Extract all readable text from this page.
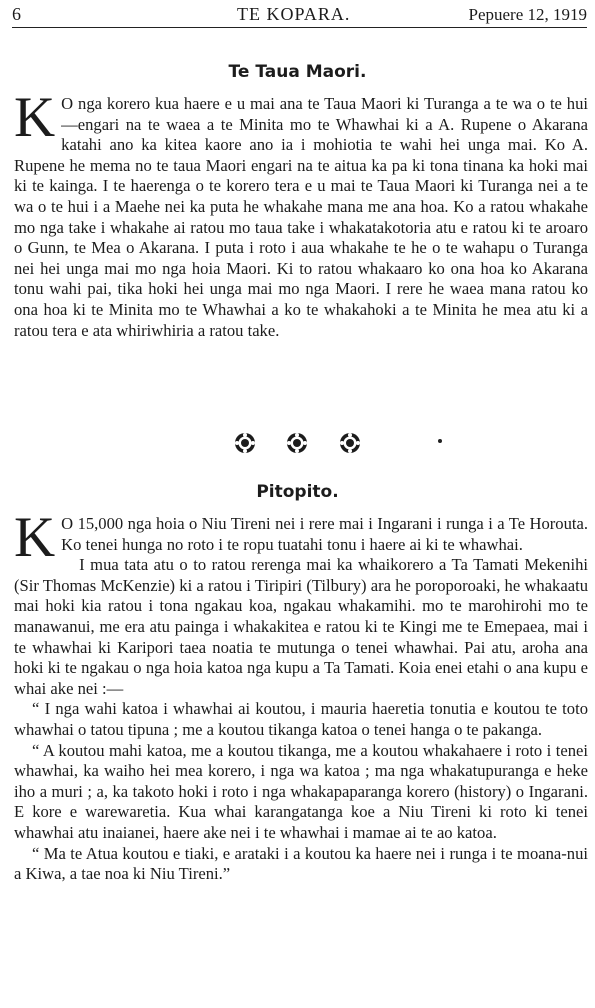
6	TE KOPARA.	Pepuere 12, 1919
Te Taua Maori.

K O nga korero kua haere e u mai ana te Taua Maori ki Turanga a te wa o te hui—engari na te waea a te Minita mo te Whawhai ki a A. Rupene o Akarana katahi ano ka kitea kaore ano ia i mohiotia te wahi hei unga mai. Ko A. Rupene he mema no te taua Maori engari na te aitua ka pa ki tona tinana ka hoki mai ki te kainga. I te haerenga o te korero tera e u mai te Taua Maori ki Turanga nei a te wa o te hui i a Maehe nei ka puta he whakahe mana me ana hoa. Ko a ratou whakahe mo nga take i whakahe ai ratou mo taua take i whakatakotoria atu e ratou ki te aroaro o Gunn, te Mea o Akarana. I puta i roto i aua whakahe te he o te wahapu o Turanga nei hei unga mai mo nga hoia Maori. Ki to ratou whakaaro ko ona hoa ko Akarana tonu wahi pai, tika hoki hei unga mai mo nga Maori. I rere he waea mana ratou ko ona hoa ki te Minita mo te Whawhai a ko te whakahoki a te Minita he mea atu ki a ratou tera e ata whiriwhiria a ratou take.

Pitopito.

K O 15,000 nga hoia o Niu Tireni nei i rere mai i Ingarani i runga i a Te Horouta. Ko tenei hunga no roto i te ropu tuatahi tonu i haere ai ki te whawhai.

I mua tata atu o to ratou rerenga mai ka whaikorero a Ta Tamati Mekenihi (Sir Thomas McKenzie) ki a ratou i Tiripiri (Tilbury) ara he poroporoaki, he whakaatu mai hoki kia ratou i tona ngakau koa, ngakau whakamihi. mo te marohirohi mo te manawanui, me era atu painga i whakakitea e ratou ki te Kingi me te Emepaea, mai i te whawhai ki Karipori taea noatia te mutunga o tenei whawhai. Pai atu, aroha ana hoki ki te ngakau o nga hoia katoa nga kupu a Ta Tamati. Koia enei etahi o ana kupu e whai ake nei :—

“ I nga wahi katoa i whawhai ai koutou, i mauria haeretia tonutia e koutou te toto whawhai o tatou tipuna ; me a koutou tikanga katoa o tenei hanga o te pakanga.

“ A koutou mahi katoa, me a koutou tikanga, me a koutou whakahaere i roto i tenei whawhai, ka waiho hei mea korero, i nga wa katoa ; ma nga whakatupuranga e heke iho a muri ; a, ka takoto hoki i roto i nga whakapaparanga korero (history) o Ingarani. E kore e warewaretia. Kua whai karangatanga koe a Niu Tireni ki roto ki tenei whawhai atu inaianei, haere ake nei i te whawhai i mamae ai te ao katoa.

“ Ma te Atua koutou e tiaki, e arataki i a koutou ka haere nei i runga i te moana-nui a Kiwa, a tae noa ki Niu Tireni.”
